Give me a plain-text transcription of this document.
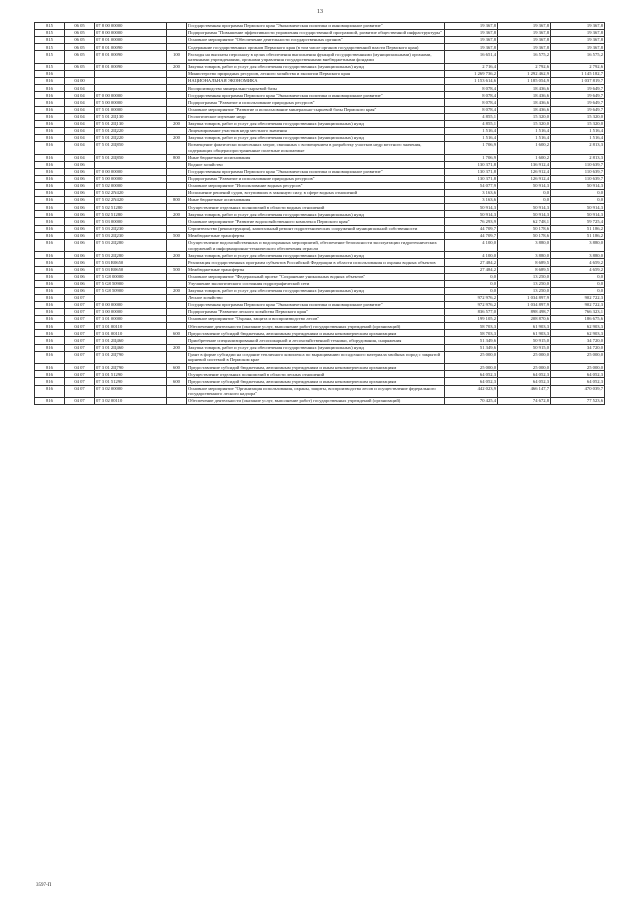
13
815	06 05	07 8 00 00000		Государственная программа Пермского края "Экономическая политика и инновационное развитие"	19 367,8	19 367,8	19 367,8
815	06 05	07 8 00 00000		Подпрограмма "Повышение эффективности управления государственной программой, развитие общественной инфраструктуры"	19 367,8	19 367,8	19 367,8
815	06 05	07 8 01 00000		Основное мероприятие "Обеспечение деятельности государственных органов"	19 367,8	19 367,8	19 367,8
815	06 05	07 8 01 00090		Содержание государственных органов Пермского края (в том числе органов государственной власти Пермского края)	19 367,8	19 367,8	19 367,8
815	06 05	07 8 01 00090	100	Расходы на выплаты персоналу в целях обеспечения выполнения функций государственными (муниципальными) органами, казенными учреждениями, органами управления государственными внебюджетными фондами	16 651,4	16 575,2	16 575,2
815	06 05	07 8 01 00090	200	Закупка товаров, работ и услуг для обеспечения государственных (муниципальных) нужд	2 716,4	2 792,6	2 792,6
816				Министерство природных ресурсов, лесного хозяйства и экологии Пермского края	1 269 736,2	1 292 462,9	1 145 182,7
816	04 00			НАЦИОНАЛЬНАЯ ЭКОНОМИКА	1 153 614,6	1 185 054,9	1 037 819,7
816	04 04			Воспроизводство минерально-сырьевой базы	8 078,4	18 436,6	19 649,7
816	04 04	07 0 00 00000		Государственная программа Пермского края "Экономическая политика и инновационное развитие"	8 078,4	18 436,6	19 649,7
816	04 04	07 5 00 00000		Подпрограмма "Развитие и использование природных ресурсов"	8 078,4	18 436,6	19 649,7
816	04 04	07 5 01 00000		Основное мероприятие "Развитие и использование минерально-сырьевой базы Пермского края"	8 078,4	18 436,6	19 649,7
816	04 04	07 5 01 2Ц130		Геологическое изучение недр	4 855,1	15 320,0	15 320,0
816	04 04	07 5 01 2Ц130	200	Закупка товаров, работ и услуг для обеспечения государственных (муниципальных) нужд	4 855,1	15 320,0	15 320,0
816	04 04	07 5 01 2Ц220		Лицензирование участков недр местного значения	1 516,4	1 516,4	1 516,4
816	04 04	07 5 01 2Ц220	200	Закупка товаров, работ и услуг для обеспечения государственных (муниципальных) нужд	1 516,4	1 516,4	1 516,4
816	04 04	07 5 01 2Ц850		Возмещение фактически понесенных затрат, связанных с возмещением в разработку участков недр местного значения, содержащих общераспространенные полезные ископаемые	1 706,9	1 600,2	2 813,3
816	04 04	07 5 01 2Ц850	800	Иные бюджетные ассигнования	1 706,9	1 600,2	2 813,3
816	04 06			Водное хозяйство	130 371,8	136 912,4	110 639,7
816	04 06	07 0 00 00000		Государственная программа Пермского края "Экономическая политика и инновационное развитие"	130 371,8	126 912,4	110 639,7
816	04 06	07 5 00 00000		Подпрограмма "Развитие и использование природных ресурсов"	130 371,8	126 912,4	110 639,7
816	04 06	07 5 02 00000		Основное мероприятие "Использование водных ресурсов"	54 077,9	50 914,3	50 914,3
816	04 06	07 5 02 2N420		Исполнение решений судов, вступивших в законную силу, в сфере водных отношений	3 163,6	0,0	0,0
816	04 06	07 5 02 2N420	800	Иные бюджетные ассигнования	3 163,6	0,0	0,0
816	04 06	07 5 02 51280		Осуществление отдельных полномочий в области водных отношений	50 914,3	50 914,3	50 914,3
816	04 06	07 5 02 51280	200	Закупка товаров, работ и услуг для обеспечения государственных (муниципальных) нужд	50 914,3	50 914,3	50 914,3
816	04 06	07 5 03 00000		Основное мероприятие "Развитие водохозяйственного комплекса Пермского края"	76 293,9	62 748,1	59 725,4
816	04 06	07 5 03 2Ц230		Строительство (реконструкция), капитальный ремонт гидротехнических сооружений муниципальной собственности	44 709,7	50 178,6	51 186,2
816	04 06	07 5 03 2Ц230	500	Межбюджетные трансферты	44 709,7	50 178,6	51 186,2
816	04 06	07 5 03 2Ц280		Осуществление водохозяйственных и водоохранных мероприятий, обеспечение безопасности эксплуатации гидротехнических сооружений и информационно-технического обеспечения отрасли	4 100,0	3 880,0	3 880,0
816	04 06	07 5 03 2Ц280	200	Закупка товаров, работ и услуг для обеспечения государственных (муниципальных) нужд	4 100,0	3 880,0	3 880,0
816	04 06	07 5 03 R0650		Реализация государственных программ субъектов Российской Федерации в области использования и охраны водных объектов	27 484,2	8 689,5	4 659,2
816	04 06	07 5 03 R0650	500	Межбюджетные трансферты	27 484,2	8 689,5	4 659,2
816	04 06	07 5 G8 00000		Основное мероприятие "Федеральный проект "Сохранение уникальных водных объектов"	0,0	13 250,0	0,0
816	04 06	07 5 G8 50900		Улучшение экологического состояния гидрографической сети	0,0	13 250,0	0,0
816	04 06	07 5 G8 50900	200	Закупка товаров, работ и услуг для обеспечения государственных (муниципальных) нужд	0,0	13 250,0	0,0
816	04 07			Лесное хозяйство	972 976,2	1 034 897,9	902 722,3
816	04 07	07 0 00 00000		Государственная программа Пермского края "Экономическая политика и инновационное развитие"	972 976,2	1 034 897,9	902 722,3
816	04 07	07 3 00 00000		Подпрограмма "Развитие лесного хозяйства Пермского края"	836 577,0	898 498,7	766 323,1
816	04 07	07 3 01 00000		Основное мероприятие "Охрана, защита и воспроизводство лесов"	199 105,2	208 870,6	186 675,6
816	04 07	07 3 01 00110		Обеспечение деятельности (оказание услуг, выполнение работ) государственных учреждений (организаций)	58 703,3	61 903,3	62 903,3
816	04 07	07 3 01 00110	600	Предоставление субсидий бюджетным, автономным учреждениям и иным некоммерческим организациям	58 703,3	61 903,3	62 903,3
816	04 07	07 3 01 2Ц460		Приобретение специализированной лесопожарной и лесохозяйственной техники, оборудования, снаряжения	51 349,6	50 915,0	34 720,0
816	04 07	07 3 01 2Ц460	200	Закупка товаров, работ и услуг для обеспечения государственных (муниципальных) нужд	51 349,6	50 915,0	34 720,0
816	04 07	07 3 01 2Ц790		Грант в форме субсидии на создание тепличного комплекса по выращиванию посадочного материала хвойных пород с закрытой корневой системой в Пермском крае	25 000,0	25 000,0	25 000,0
816	04 07	07 3 01 2Ц790	600	Предоставление субсидий бюджетным, автономным учреждениям и иным некоммерческим организациям	25 000,0	25 000,0	25 000,0
816	04 07	07 3 01 51290		Осуществление отдельных полномочий в области лесных отношений	64 052,3	64 052,3	64 052,3
816	04 07	07 3 01 51290	600	Предоставление субсидий бюджетным, автономным учреждениям и иным некоммерческим организациям	64 052,3	64 052,3	64 052,3
816	04 07	07 3 02 00000		Основное мероприятие "Организация использования, охраны, защиты, воспроизводства лесов и осуществление федерального государственного лесного надзора"	442 023,9	466 147,7	470 039,7
816	04 07	07 3 02 00110		Обеспечение деятельности (оказание услуг, выполнение работ) государственных учреждений (организаций)	70 425,4	74 672,8	77 523,6
3597-П
